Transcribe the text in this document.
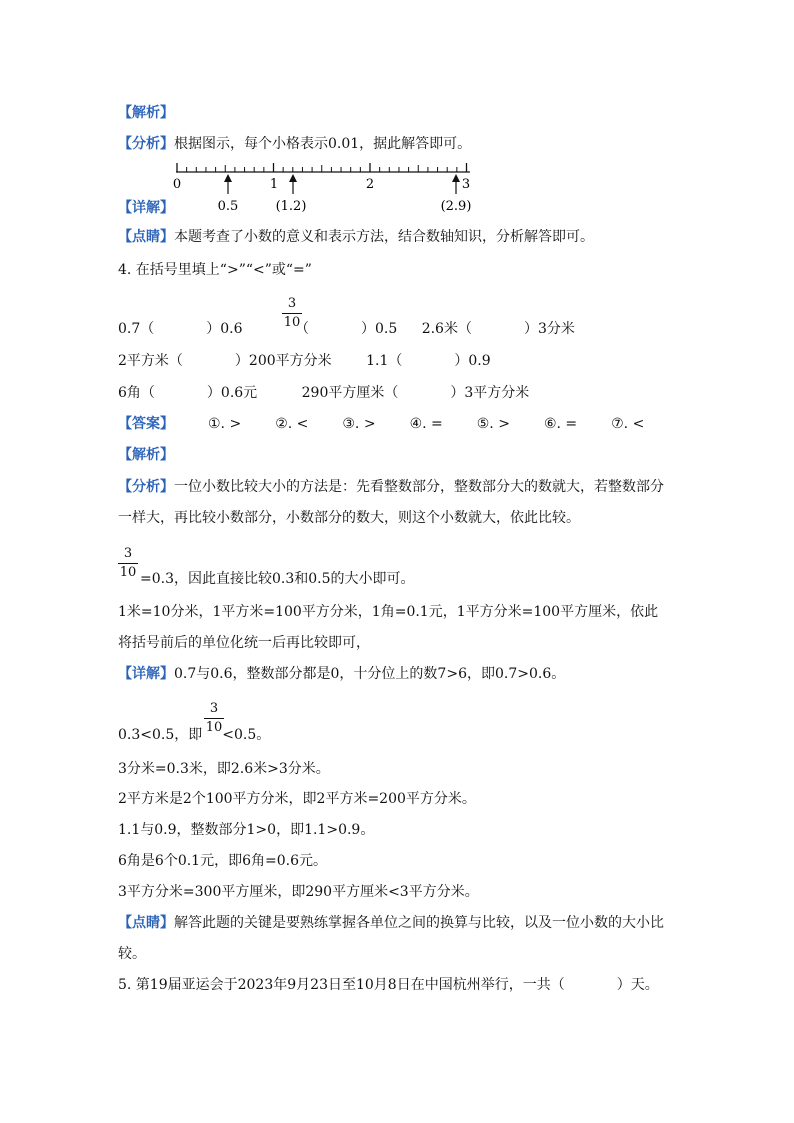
【解析】
【分析】根据图示，每个小格表示0.01，据此解答即可。
0	1	2	3
0.5	(1.2)	(2.9)
【详解】
【点睛】本题考查了小数的意义和表示方法，结合数轴知识，分析解答即可。
4. 在括号里填上“>”“<”或“=”
3
10
0.7（	）0.6	（	）0.5 2.6米（	）3分米
2平方米（	）200平方分米 1.1（	）0.9
6角（	）0.6元	290平方厘米（	）3平方分米
【答案】 ①. > ②. < ③. > ④. = ⑤. > ⑥. = ⑦. <
【解析】
【分析】一位小数比较大小的方法是：先看整数部分，整数部分大的数就大，若整数部分
一样大，再比较小数部分，小数部分的数大，则这个小数就大，依此比较。
3
10 =0.3，因此直接比较0.3和0.5的大小即可。
1米=10分米，1平方米=100平方分米，1角=0.1元，1平方分米=100平方厘米，依此
将括号前后的单位化统一后再比较即可，
【详解】0.7与0.6，整数部分都是0，十分位上的数7>6，即0.7>0.6。
3
10
0.3<0.5，即 <0.5。
3分米=0.3米，即2.6米>3分米。
2平方米是2个100平方分米，即2平方米=200平方分米。
1.1与0.9，整数部分1>0，即1.1>0.9。
6角是6个0.1元，即6角=0.6元。
3平方分米=300平方厘米，即290平方厘米<3平方分米。
【点睛】解答此题的关键是要熟练掌握各单位之间的换算与比较，以及一位小数的大小比
较。
5. 第19届亚运会于2023年9月23日至10月8日在中国杭州举行，一共（	）天。
